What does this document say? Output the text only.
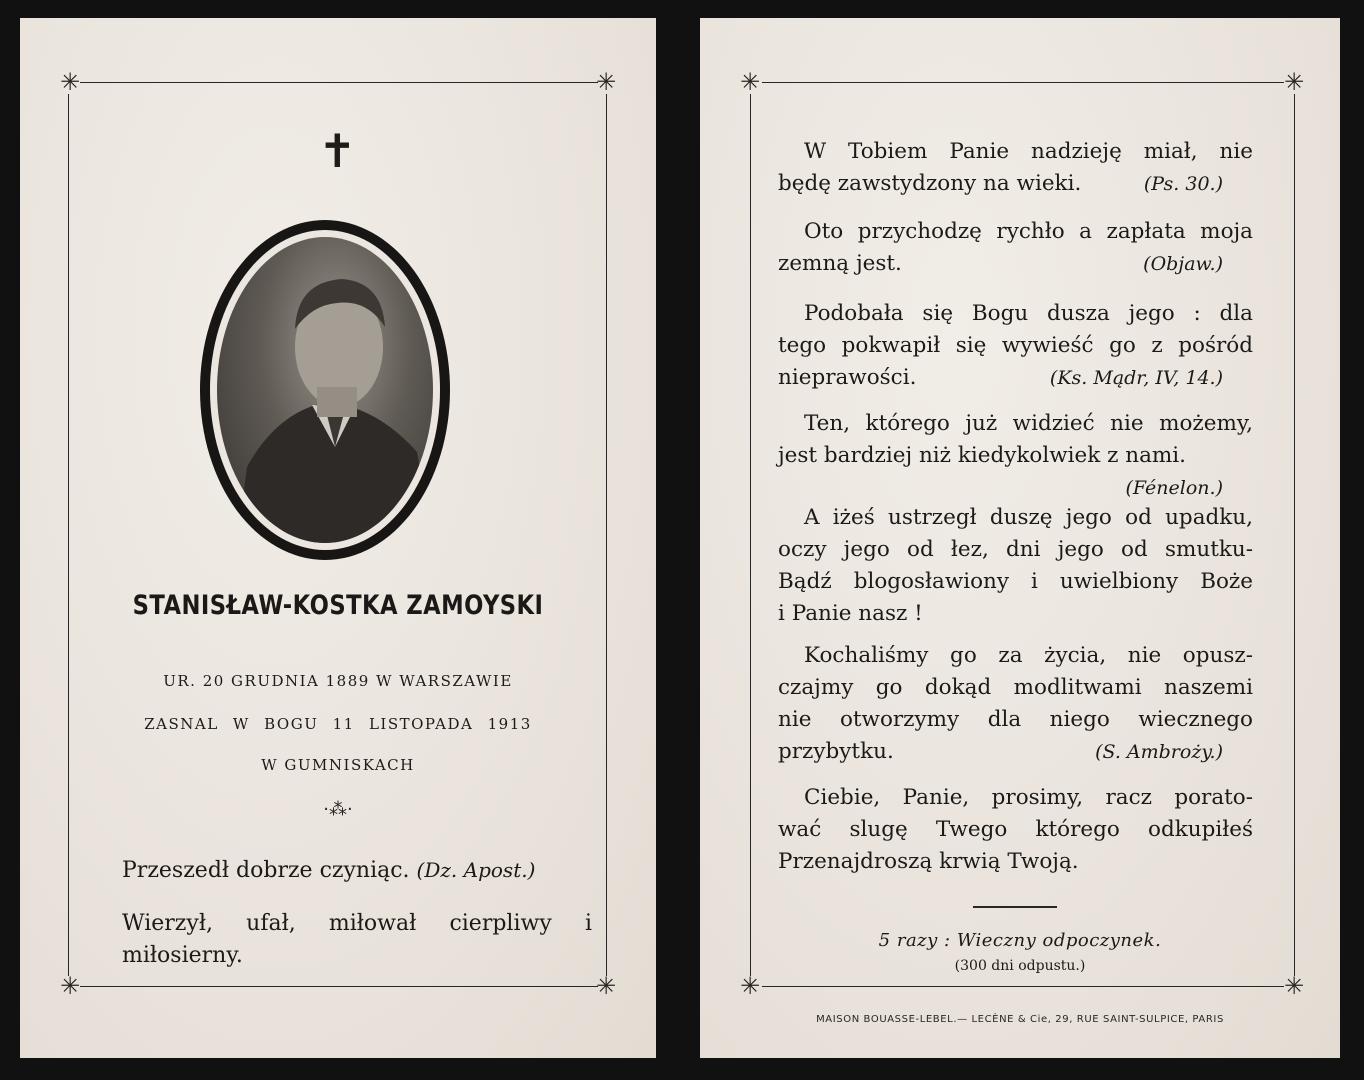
✳	✳
✳	✳
✝
STANISŁAW-KOSTKA ZAMOYSKI
UR. 20 GRUDNIA 1889 W WARSZAWIE
ZASNAL W BOGU 11 LISTOPADA 1913
W GUMNISKACH
·⁂·
Przeszedł dobrze czyniąc. (Dz. Apost.)
Wierzył, ufał, miłował cierpliwy i miłosierny.
✳	✳
✳	✳
W Tobiem Panie nadzieję miał, nie
będę zawstydzony na wieki.	(Ps. 30.)
Oto przychodzę rychło a zapłata moja
zemną jest.	(Objaw.)
Podobała się Bogu dusza jego : dla
tego pokwapił się wywieść go z pośród
nieprawości.	(Ks. Mądr, IV, 14.)
Ten, którego już widzieć nie możemy,
jest bardziej niż kiedykolwiek z nami.
(Fénelon.)
A iżeś ustrzegł duszę jego od upadku,
oczy jego od łez, dni jego od smutku-
Bądź blogosławiony i uwielbiony Boże
i Panie nasz !
Kochaliśmy go za życia, nie opusz-
czajmy go dokąd modlitwami naszemi
nie otworzymy dla niego wiecznego
przybytku.	(S. Ambroży.)
Ciebie, Panie, prosimy, racz porato-
wać slugę Twego którego odkupiłeś
Przenajdroszą krwią Twoją.
5 razy : Wieczny odpoczynek.
(300 dni odpustu.)
MAISON BOUASSE-LEBEL.— LECÈNE & Cie, 29, RUE SAINT-SULPICE, PARIS
